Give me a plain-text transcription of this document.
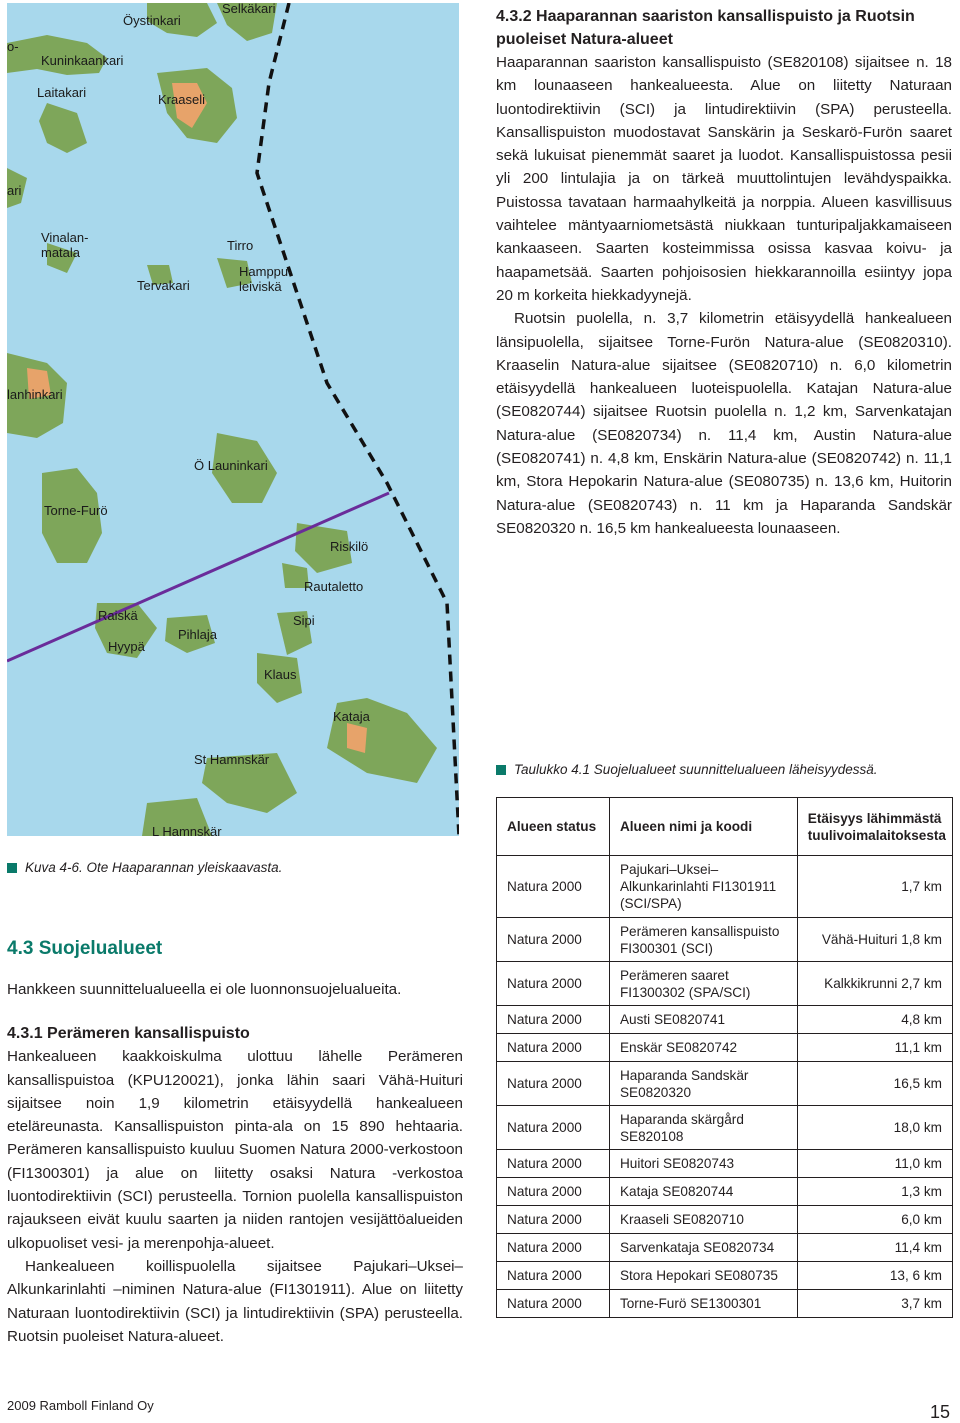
Öystinkari
Selkäkari
Kuninkaankari
Laitakari	Kraaseli
Vinalan-
matala	Tirro
Hamppu-
leiviskä
Tervakari
lanhinkari
Ö Launinkari
Torne-Furö
Riskilö
Rautaletto
Raiskä	Sipi
Hyypä
Pihlaja
Klaus
Kataja
St Hamnskär
L Hamnskär
o-
ari
Kuva 4-6. Ote Haaparannan yleiskaavasta.
4.3.2 Haaparannan saariston kansallispuisto ja Ruotsin puoleiset Natura-alueet

Haaparannan saariston kansallispuisto (SE820108) sijaitsee n. 18 km lounaaseen hankealueesta. Alue on liitetty Naturaan luontodirektiivin (SCI) ja lintudirektiivin (SPA) perusteella. Kansallispuiston muodostavat Sanskärin ja Seskarö-Furön saaret sekä lukuisat pienemmät saaret ja luodot. Kansallispuistossa pesii yli 200 lintulajia ja on tärkeä muuttolintujen levähdyspaikka. Puistossa tavataan harmaahylkeitä ja norppia. Alueen kasvillisuus vaihtelee mäntyaarniometsästä niukkaan tunturipaljakkamaiseen kankaaseen. Saarten kosteimmissa osissa kasvaa koivu- ja haapametsää. Saarten pohjoisosien hiekkarannoilla esiintyy jopa 20 m korkeita hiekkadyynejä.

Ruotsin puolella, n. 3,7 kilometrin etäisyydellä hankealueen länsipuolella, sijaitsee Torne-Furön Natura-alue (SE0820310). Kraaselin Natura-alue sijaitsee (SE0820710) n. 6,0 kilometrin etäisyydellä hankealueen luoteispuolella. Katajan Natura-alue (SE0820744) sijaitsee Ruotsin puolella n. 1,2 km, Sarvenkatajan Natura-alue (SE0820734) n. 11,4 km, Austin Natura-alue (SE0820741) n. 4,8 km, Enskärin Natura-alue (SE0820742) n. 11,1 km, Stora Hepokarin Natura-alue (SE080735) n. 13,6 km, Huitorin Natura-alue (SE0820743) n. 11 km ja Haparanda Sandskär SE0820320 n. 16,5 km hankealueesta lounaaseen.

Taulukko 4.1 Suojelualueet suunnittelualueen läheisyydessä.
Alueen status	Alueen nimi ja koodi	Etäisyys lähimmästä tuulivoimalaitoksesta
Natura 2000	Pajukari–Uksei–Alkunkarinlahti FI1301911 (SCI/SPA)	1,7 km
Natura 2000	Perämeren kansallispuisto FI300301 (SCI)	Vähä-Huituri 1,8 km
Natura 2000	Perämeren saaret FI1300302 (SPA/SCI)	Kalkkikrunni 2,7 km
Natura 2000	Austi SE0820741	4,8 km
Natura 2000	Enskär SE0820742	11,1 km
Natura 2000	Haparanda Sandskär SE0820320	16,5 km
Natura 2000	Haparanda skärgård SE820108	18,0 km
Natura 2000	Huitori SE0820743	11,0 km
Natura 2000	Kataja SE0820744	1,3 km
Natura 2000	Kraaseli SE0820710	6,0 km
Natura 2000	Sarvenkataja SE0820734	11,4 km
Natura 2000	Stora Hepokari SE080735	13, 6 km
Natura 2000	Torne-Furö SE1300301	3,7 km
4.3 Suojelualueet
Hankkeen suunnittelualueella ei ole luonnonsuojelualueita.
4.3.1 Perämeren kansallispuisto
Hankealueen kaakkoiskulma ulottuu lähelle Perämeren kansallispuistoa (KPU120021), jonka lähin saari Vähä-Huituri sijaitsee noin 1,9 kilometrin etäisyydellä hankealueen eteläreunasta. Kansallispuiston pinta-ala on 15 890 hehtaaria. Perämeren kansallispuisto kuuluu Suomen Natura 2000-verkostoon (FI1300301) ja alue on liitetty osaksi Natura -verkostoa luontodirektiivin (SCI) perusteella. Tornion puolella kansallispuiston rajaukseen eivät kuulu saarten ja niiden rantojen vesijättöalueiden ulkopuoliset vesi- ja merenpohja-alueet.
Hankealueen koillispuolella sijaitsee Pajukari–Uksei–Alkunkarinlahti –niminen Natura-alue (FI1301911). Alue on liitetty Naturaan luontodirektiivin (SCI) ja lintudirektiivin (SPA) perusteella. Ruotsin puoleiset Natura-alueet.
2009 Ramboll Finland Oy	15
